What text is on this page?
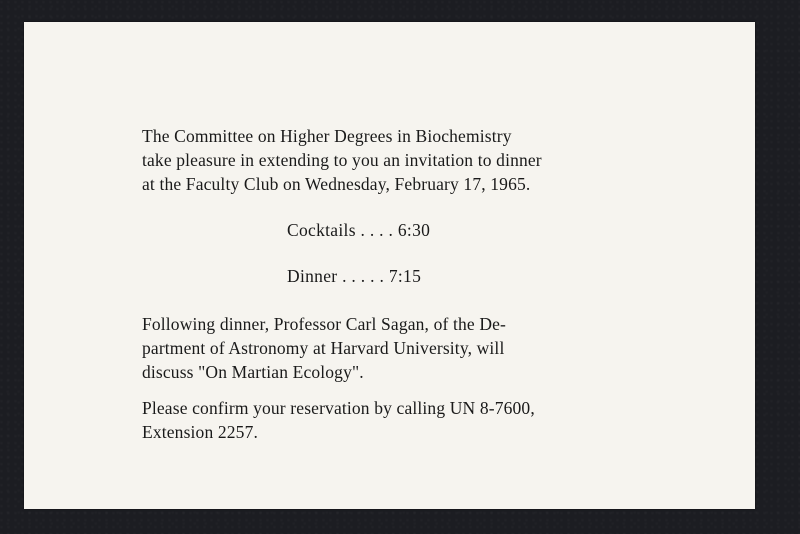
The Committee on Higher Degrees in Biochemistry
take pleasure in extending to you an invitation to dinner
at the Faculty Club on Wednesday, February 17, 1965.

Cocktails . . . . 6:30
Dinner . . . . . 7:15

Following dinner, Professor Carl Sagan, of the De-
partment of Astronomy at Harvard University, will
discuss "On Martian Ecology".

Please confirm your reservation by calling UN 8-7600,
Extension 2257.
